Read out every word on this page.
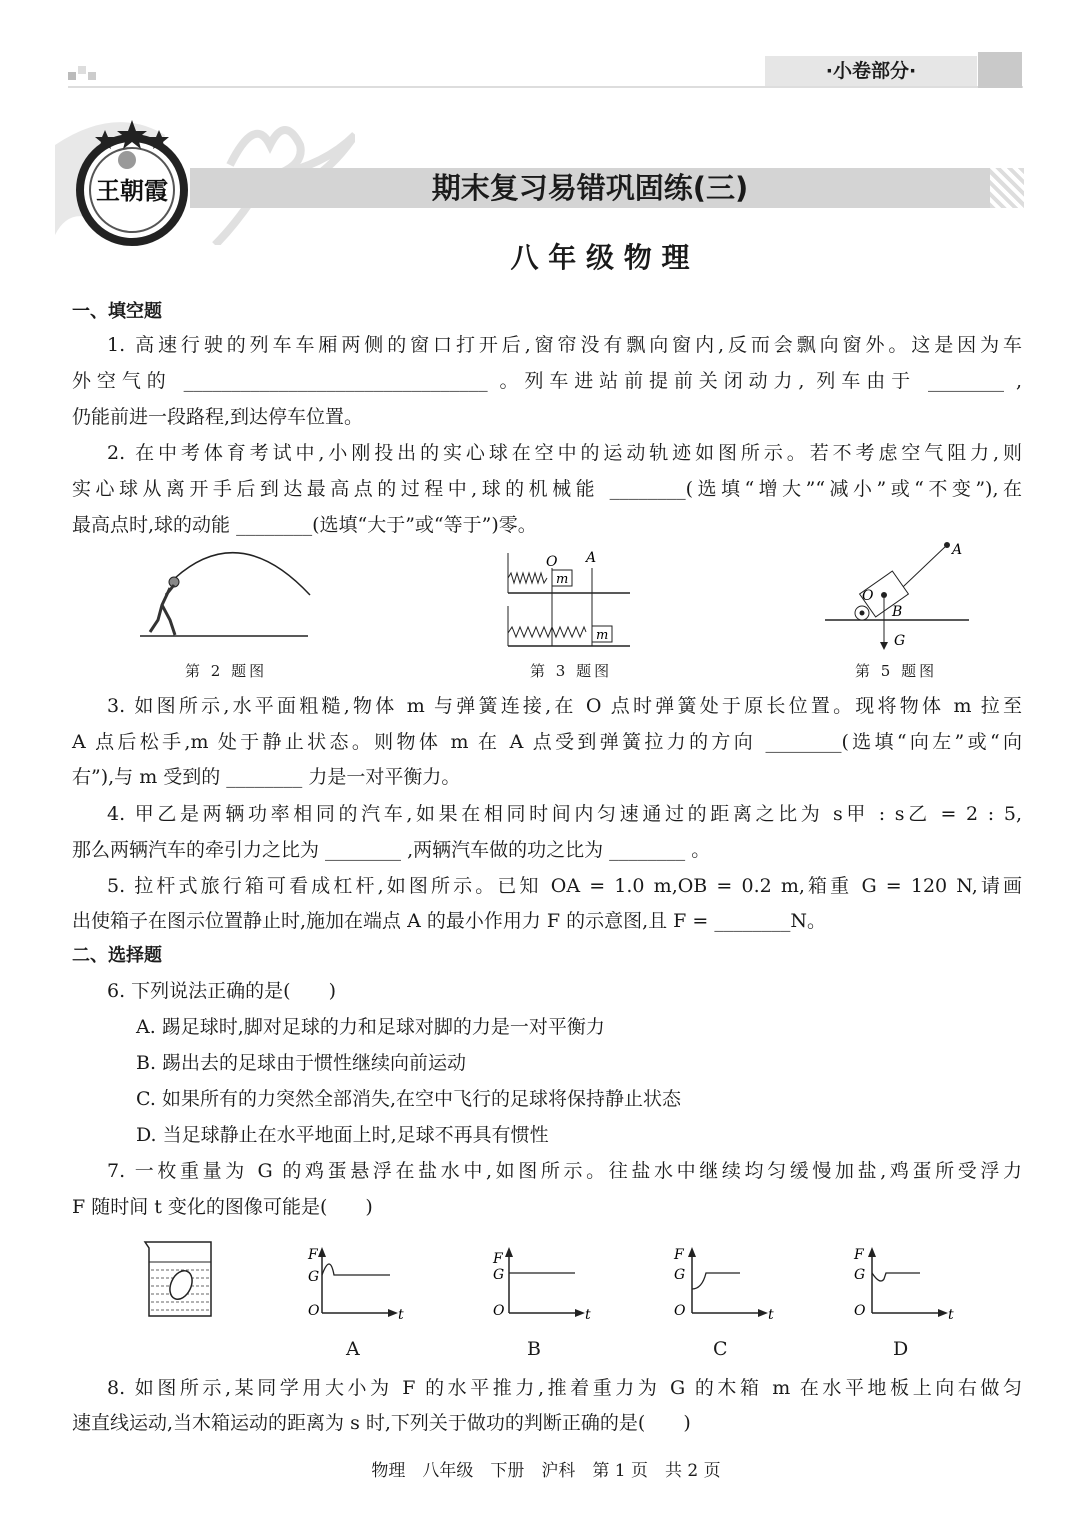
·小卷部分·
王朝霞	期末复习易错巩固练(三)
八 年 级 物 理
一、填空题
1. 高速行驶的列车车厢两侧的窗口打开后,窗帘没有飘向窗内,反而会飘向窗外。这是因为车
外空气的 ________________________________ 。列车进站前提前关闭动力, 列车由于 ________ ,
仍能前进一段路程,到达停车位置。
2. 在中考体育考试中,小刚投出的实心球在空中的运动轨迹如图所示。若不考虑空气阻力,则
实心球从离开手后到达最高点的过程中,球的机械能 ________(选填“增大”“减小”或“不变”),在
最高点时,球的动能 ________(选填“大于”或“等于”)零。
第 2 题图
O A
m
m
第 3 题图
A
O
B
G
第 5 题图
3. 如图所示,水平面粗糙,物体 m 与弹簧连接,在 O 点时弹簧处于原长位置。现将物体 m 拉至
A 点后松手,m 处于静止状态。则物体 m 在 A 点受到弹簧拉力的方向 ________(选填“向左”或“向
右”),与 m 受到的 ________ 力是一对平衡力。
4. 甲乙是两辆功率相同的汽车,如果在相同时间内匀速通过的距离之比为 s甲 : s乙 = 2 : 5,
那么两辆汽车的牵引力之比为 ________ ,两辆汽车做的功之比为 ________ 。
5. 拉杆式旅行箱可看成杠杆,如图所示。已知 OA = 1.0 m,OB = 0.2 m,箱重 G = 120 N,请画
出使箱子在图示位置静止时,施加在端点 A 的最小作用力 F 的示意图,且 F = ________N。
二、选择题
6. 下列说法正确的是(　　)
A. 踢足球时,脚对足球的力和足球对脚的力是一对平衡力
B. 踢出去的足球由于惯性继续向前运动
C. 如果所有的力突然全部消失,在空中飞行的足球将保持静止状态
D. 当足球静止在水平地面上时,足球不再具有惯性
7. 一枚重量为 G 的鸡蛋悬浮在盐水中,如图所示。往盐水中继续均匀缓慢加盐,鸡蛋所受浮力
F 随时间 t 变化的图像可能是(　　)
F
G
O	t
F
G
O	t
F
G
O	t
F
G
O	t
A	B	C	D
8. 如图所示,某同学用大小为 F 的水平推力,推着重力为 G 的木箱 m 在水平地板上向右做匀
速直线运动,当木箱运动的距离为 s 时,下列关于做功的判断正确的是(　　)
物理　八年级　下册　沪科　第 1 页　共 2 页
